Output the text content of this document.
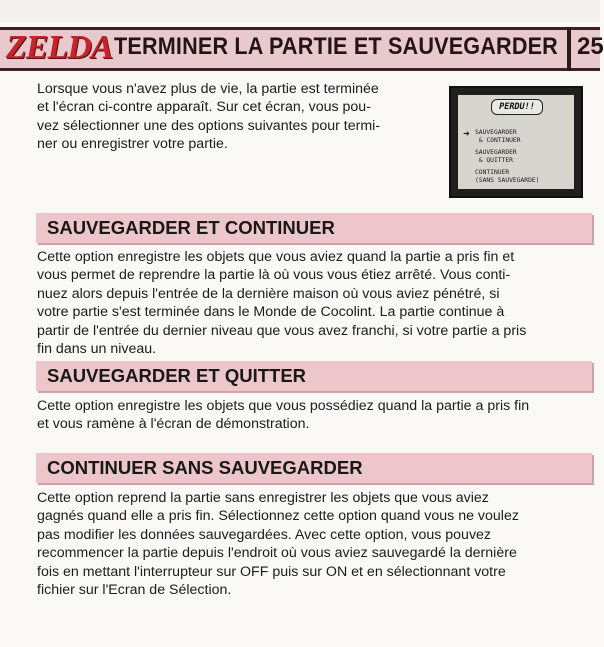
ZELDA TERMINER LA PARTIE ET SAUVEGARDER 25
Lorsque vous n'avez plus de vie, la partie est terminée
et l'écran ci-contre apparaît. Sur cet écran, vous pou-
vez sélectionner une des options suivantes pour termi-
ner ou enregistrer votre partie.
PERDU!!
➜ SAUVEGARDER
& CONTINUER
SAUVEGARDER
& QUITTER
CONTINUER
(SANS SAUVEGARDE)
SAUVEGARDER ET CONTINUER
Cette option enregistre les objets que vous aviez quand la partie a pris fin et
vous permet de reprendre la partie là où vous vous étiez arrêté. Vous conti-
nuez alors depuis l'entrée de la dernière maison où vous aviez pénétré, si
votre partie s'est terminée dans le Monde de Cocolint. La partie continue à
partir de l'entrée du dernier niveau que vous avez franchi, si votre partie a pris
fin dans un niveau.
SAUVEGARDER ET QUITTER
Cette option enregistre les objets que vous possédiez quand la partie a pris fin
et vous ramène à l'écran de démonstration.
CONTINUER SANS SAUVEGARDER
Cette option reprend la partie sans enregistrer les objets que vous aviez
gagnés quand elle a pris fin. Sélectionnez cette option quand vous ne voulez
pas modifier les données sauvegardées. Avec cette option, vous pouvez
recommencer la partie depuis l'endroit où vous aviez sauvegardé la dernière
fois en mettant l'interrupteur sur OFF puis sur ON et en sélectionnant votre
fichier sur l'Ecran de Sélection.
